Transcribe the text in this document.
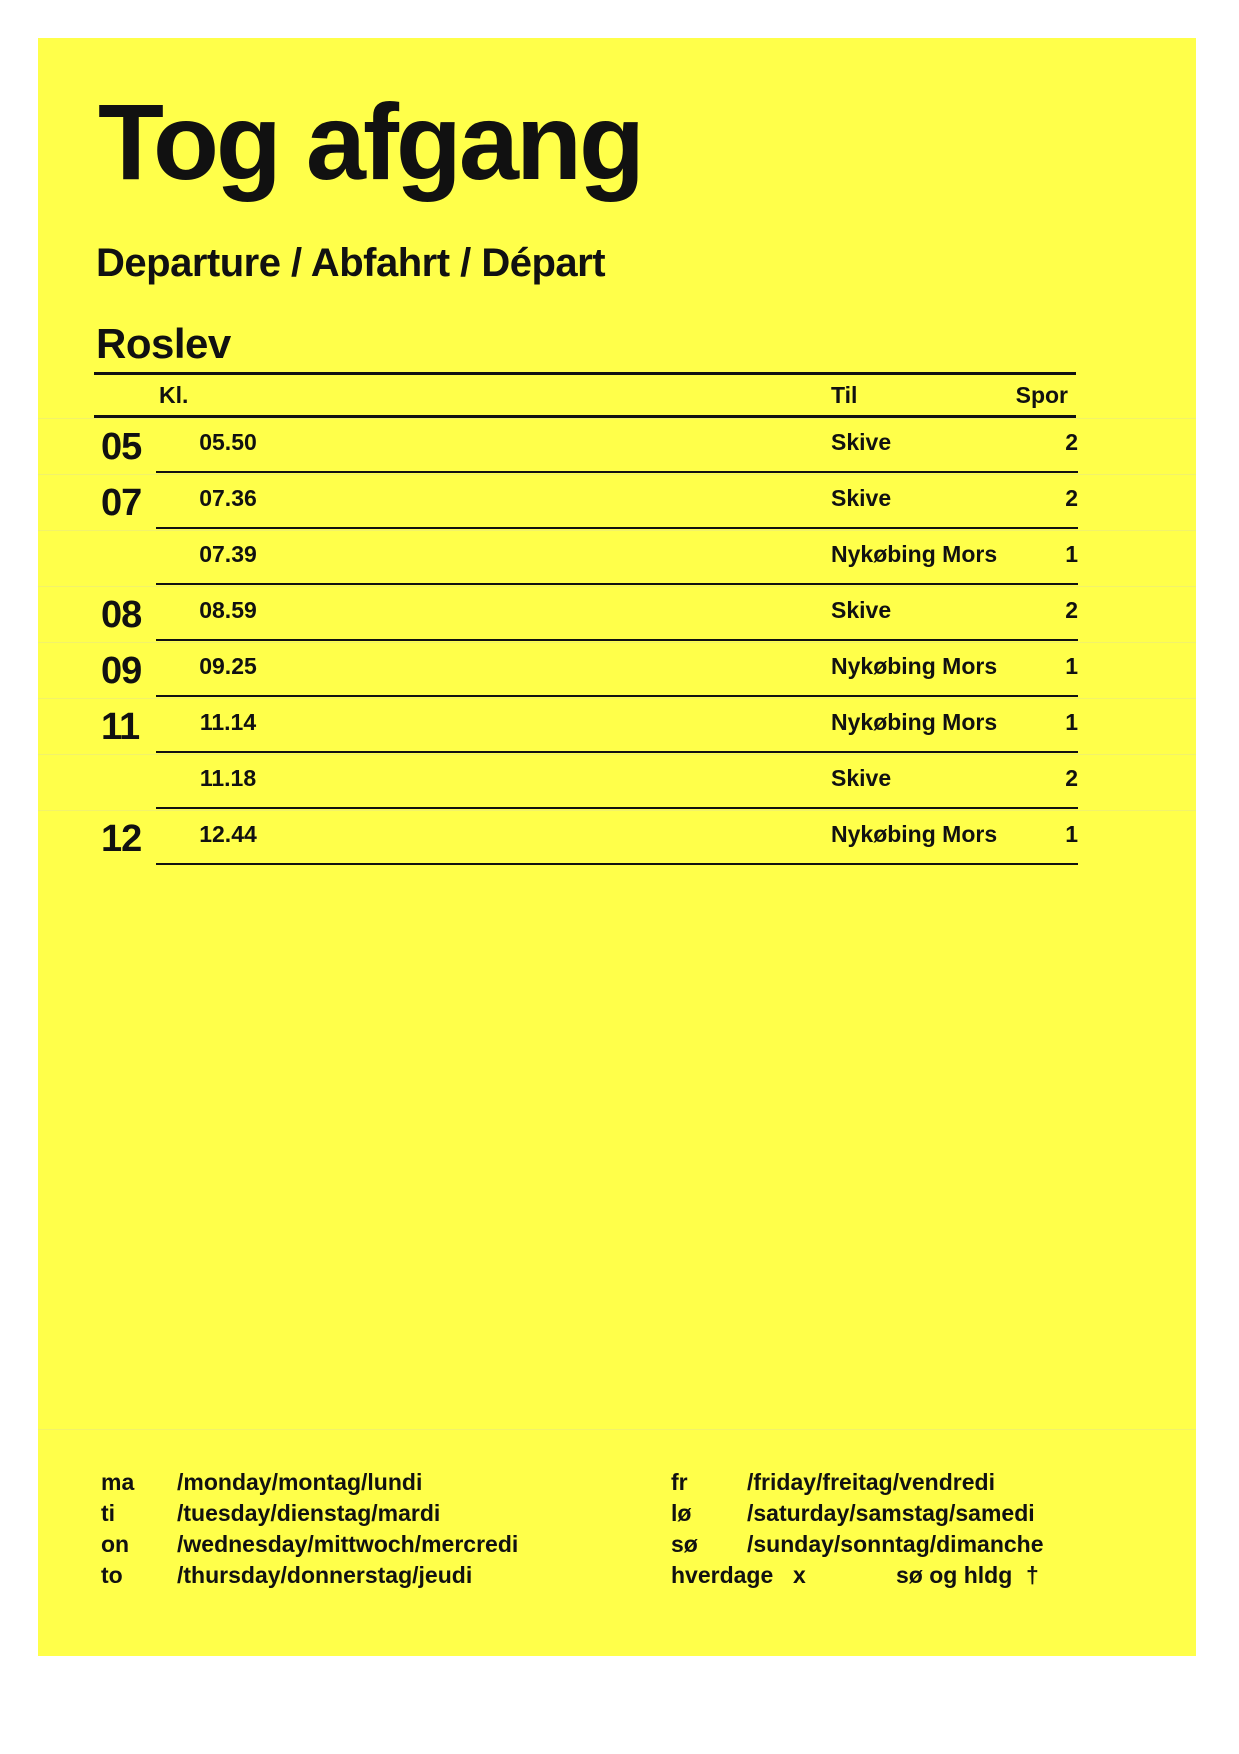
Tog afgang
Departure / Abfahrt / Départ
Roslev
Kl.	Til	Spor
05	05.50	Skive	2
07	07.36	Skive	2
07.39	Nykøbing Mors	1
08	08.59	Skive	2
09	09.25	Nykøbing Mors	1
11	11.14	Nykøbing Mors	1
11.18	Skive	2
12	12.44	Nykøbing Mors	1
ma /monday/montag/lundi
ti	/tuesday/dienstag/mardi
on /wednesday/mittwoch/mercredi
to /thursday/donnerstag/jeudi
fr	/friday/freitag/vendredi
lø /saturday/samstag/samedi
sø /sunday/sonntag/dimanche
hverdage x	sø og hldg †
